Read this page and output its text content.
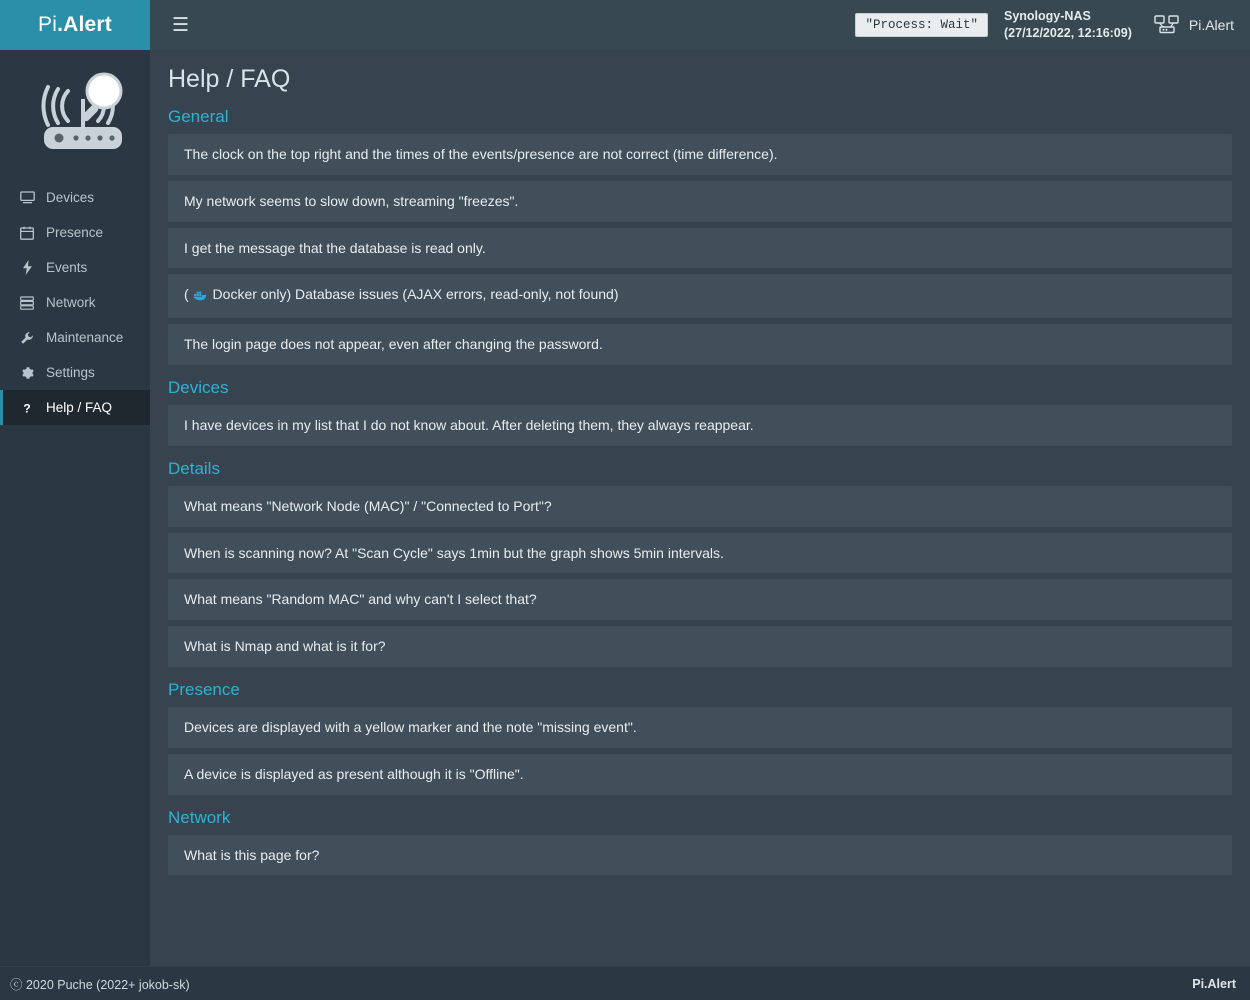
Pi .Alert	☰	"Process: Wait"
Synology-NAS
(27/12/2022, 12:16:09)	Pi.Alert
Devices
Presence
Events
Network
Maintenance
Settings
? Help / FAQ
Help / FAQ
General
The clock on the top right and the times of the events/presence are not correct (time difference).
My network seems to slow down, streaming "freezes".
I get the message that the database is read only.
( Docker only) Database issues (AJAX errors, read-only, not found)
The login page does not appear, even after changing the password.
Devices
I have devices in my list that I do not know about. After deleting them, they always reappear.
Details
What means "Network Node (MAC)" / "Connected to Port"?
When is scanning now? At "Scan Cycle" says 1min but the graph shows 5min intervals.
What means "Random MAC" and why can't I select that?
What is Nmap and what is it for?
Presence
Devices are displayed with a yellow marker and the note "missing event".
A device is displayed as present although it is "Offline".
Network
What is this page for?
ⓒ 2020 Puche (2022+ jokob-sk)	Pi.Alert
